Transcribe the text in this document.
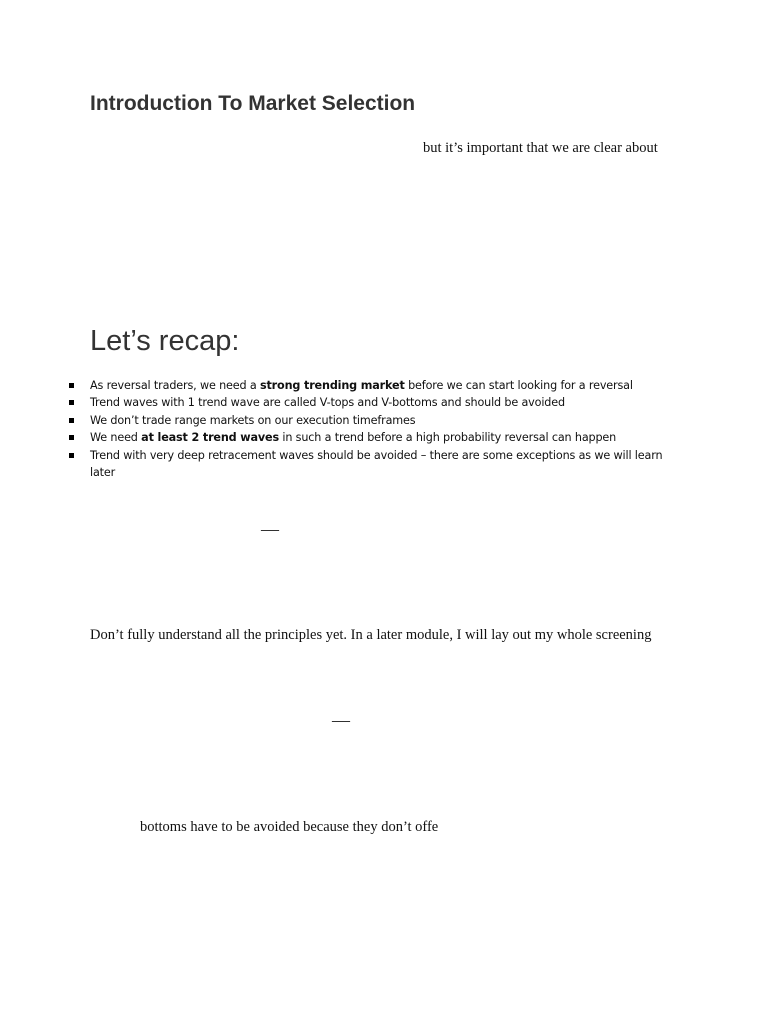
Introduction To Market Selection

but it’s important that we are clear about

Let’s recap:
As reversal traders, we need a strong trending market before we can start looking for a reversal
Trend waves with 1 trend wave are called V-tops and V-bottoms and should be avoided
We don’t trade range markets on our execution timeframes
We need at least 2 trend waves in such a trend before a high probability reversal can happen
Trend with very deep retracement waves should be avoided – there are some exceptions as we will learn later
—

Don’t fully understand all the principles yet. In a later module, I will lay out my whole screening

—

bottoms have to be avoided because they don’t offe
